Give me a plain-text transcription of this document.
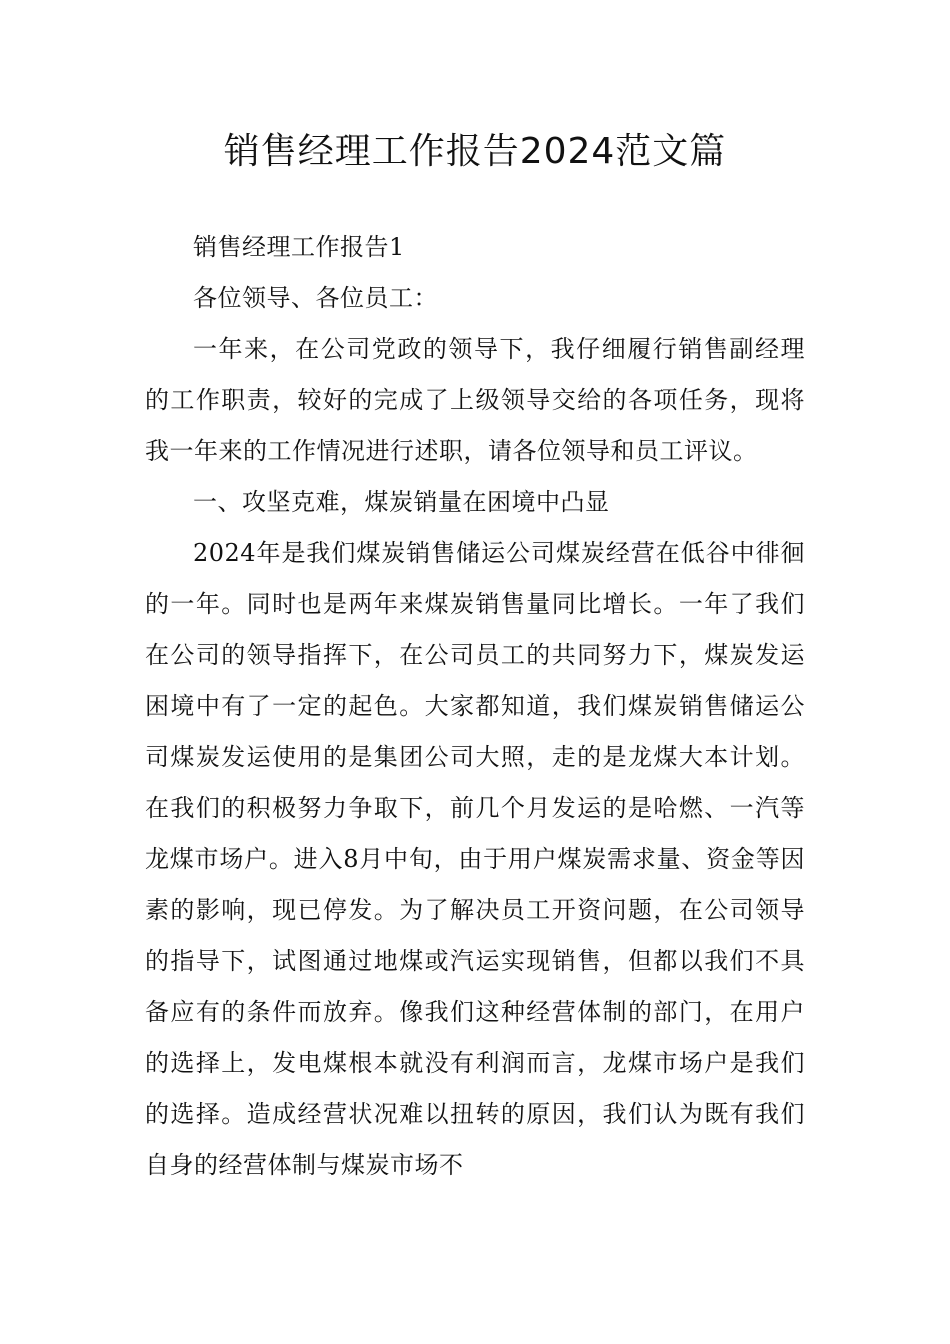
销售经理工作报告2024范文篇

销售经理工作报告1

各位领导、各位员工：

一年来，在公司党政的领导下，我仔细履行销售副经理的工作职责，较好的完成了上级领导交给的各项任务，现将我一年来的工作情况进行述职，请各位领导和员工评议。

一、攻坚克难，煤炭销量在困境中凸显

2024年是我们煤炭销售储运公司煤炭经营在低谷中徘徊的一年。同时也是两年来煤炭销售量同比增长。一年了我们在公司的领导指挥下，在公司员工的共同努力下，煤炭发运困境中有了一定的起色。大家都知道，我们煤炭销售储运公司煤炭发运使用的是集团公司大照，走的是龙煤大本计划。在我们的积极努力争取下，前几个月发运的是哈燃、一汽等龙煤市场户。进入8月中旬，由于用户煤炭需求量、资金等因素的影响，现已停发。为了解决员工开资问题，在公司领导的指导下，试图通过地煤或汽运实现销售，但都以我们不具备应有的条件而放弃。像我们这种经营体制的部门，在用户的选择上，发电煤根本就没有利润而言，龙煤市场户是我们的选择。造成经营状况难以扭转的原因，我们认为既有我们自身的经营体制与煤炭市场不
